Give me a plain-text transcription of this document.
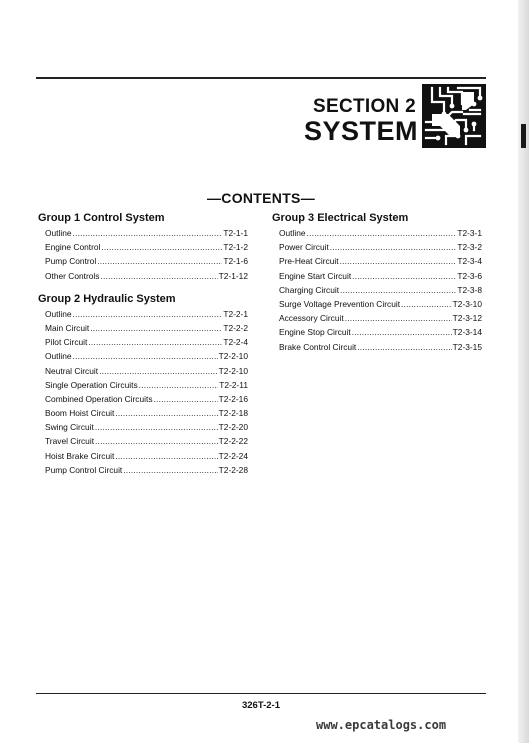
SECTION 2
SYSTEM
—CONTENTS—
Group 1 Control System
Outline .....	T2-1-1
Engine Control .....	T2-1-2
Pump Control .....	T2-1-6
Other Controls .....	T2-1-12
Group 2 Hydraulic System
Outline .....	T2-2-1
Main Circuit .....	T2-2-2
Pilot Circuit .....	T2-2-4
Outline .....	T2-2-10
Neutral Circuit .....	T2-2-10
Single Operation Circuits .....	T2-2-11
Combined Operation Circuits .....	T2-2-16
Boom Hoist Circuit .....	T2-2-18
Swing Circuit .....	T2-2-20
Travel Circuit .....	T2-2-22
Hoist Brake Circuit .....	T2-2-24
Pump Control Circuit .....	T2-2-28
Group 3 Electrical System
Outline .....	T2-3-1
Power Circuit .....	T2-3-2
Pre-Heat Circuit .....	T2-3-4
Engine Start Circuit .....	T2-3-6
Charging Circuit .....	T2-3-8
Surge Voltage Prevention Circuit .....	T2-3-10
Accessory Circuit .....	T2-3-12
Engine Stop Circuit .....	T2-3-14
Brake Control Circuit .....	T2-3-15
326T-2-1
www.epcatalogs.com
